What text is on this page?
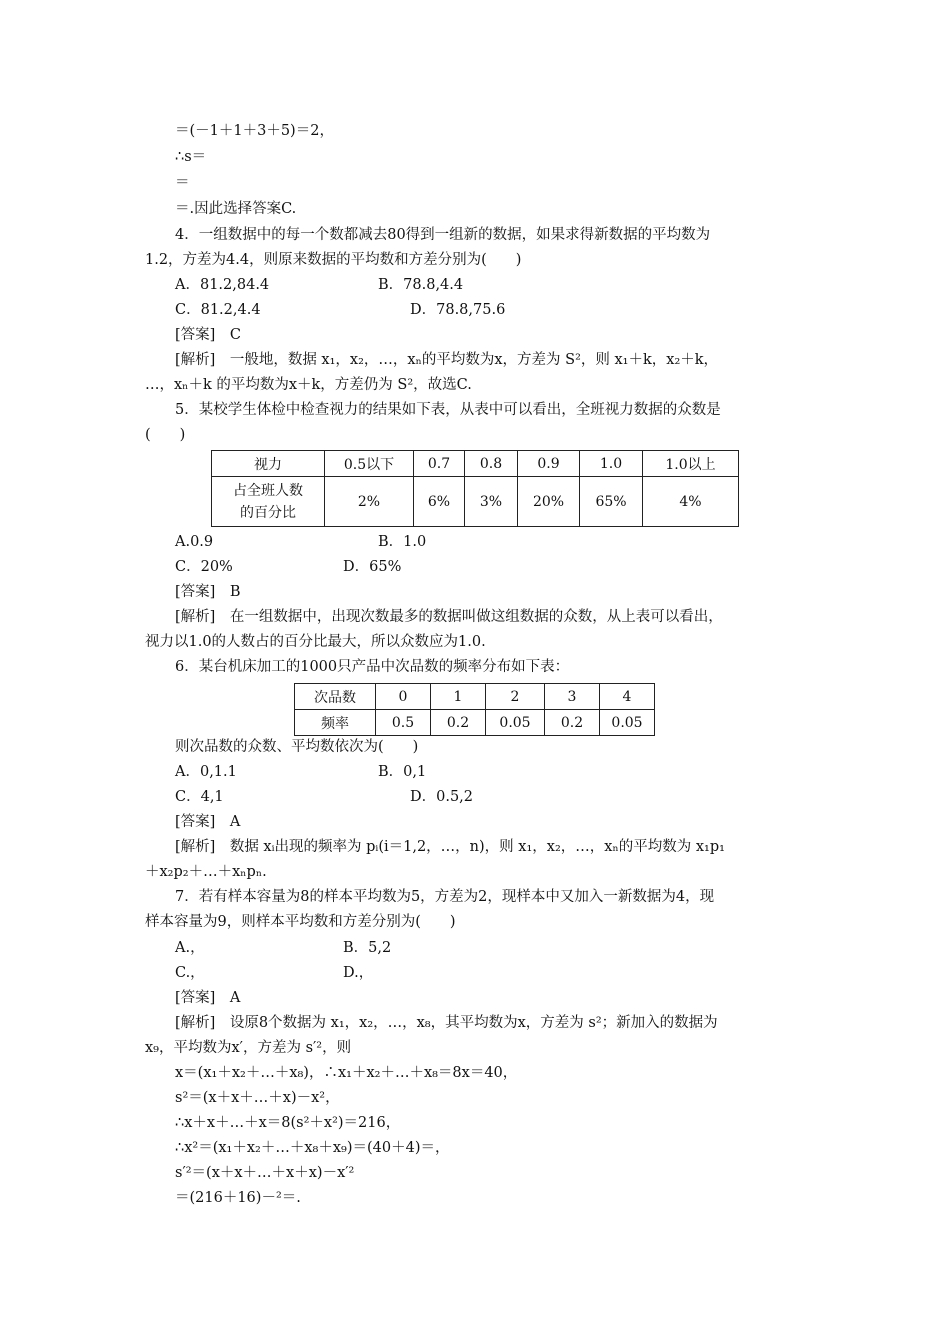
＝(－1＋1＋3＋5)＝2，
∴s＝
＝
＝.因此选择答案C.
4．一组数据中的每一个数都减去80得到一组新的数据，如果求得新数据的平均数为
1.2，方差为4.4，则原来数据的平均数和方差分别为(　　)
A．81.2,84.4	B．78.8,4.4
C．81.2,4.4	D．78.8,75.6
[答案]　C
[解析]　一般地，数据 x₁，x₂，…，xₙ的平均数为x，方差为 S²，则 x₁＋k，x₂＋k，
…，xₙ＋k 的平均数为x＋k，方差仍为 S²，故选C.
5．某校学生体检中检查视力的结果如下表，从表中可以看出，全班视力数据的众数是
(　　)
视力	0.5以下	0.7	0.8	0.9	1.0	1.0以上

占全班人数
的百分比	2%	6%	3%	20%	65%	4%
A.0.9	B．1.0
C．20%	D．65%
[答案]　B
[解析]　在一组数据中，出现次数最多的数据叫做这组数据的众数，从上表可以看出，
视力以1.0的人数占的百分比最大，所以众数应为1.0.
6．某台机床加工的1000只产品中次品数的频率分布如下表：
次品数	0	1	2	3	4
频率	0.5	0.2	0.05	0.2	0.05
则次品数的众数、平均数依次为(　　)
A．0,1.1	B．0,1
C．4,1	D．0.5,2
[答案]　A
[解析]　数据 xᵢ出现的频率为 pᵢ(i＝1,2，…，n)，则 x₁，x₂，…，xₙ的平均数为 x₁p₁
＋x₂p₂＋…＋xₙpₙ.
7．若有样本容量为8的样本平均数为5，方差为2，现样本中又加入一新数据为4，现
样本容量为9，则样本平均数和方差分别为(　　)
A.，	B．5,2
C.，	D.，
[答案]　A
[解析]　设原8个数据为 x₁，x₂，…，x₈，其平均数为x，方差为 s²；新加入的数据为
x₉，平均数为x′，方差为 s′²，则
x＝(x₁＋x₂＋…＋x₈)，∴x₁＋x₂＋…＋x₈＝8x＝40，
s²＝(x＋x＋…＋x)－x²，
∴x＋x＋…＋x＝8(s²＋x²)＝216，
∴x²＝(x₁＋x₂＋…＋x₈＋x₉)＝(40＋4)＝，
s′²＝(x＋x＋…＋x＋x)－x′²
＝(216＋16)－²＝.
